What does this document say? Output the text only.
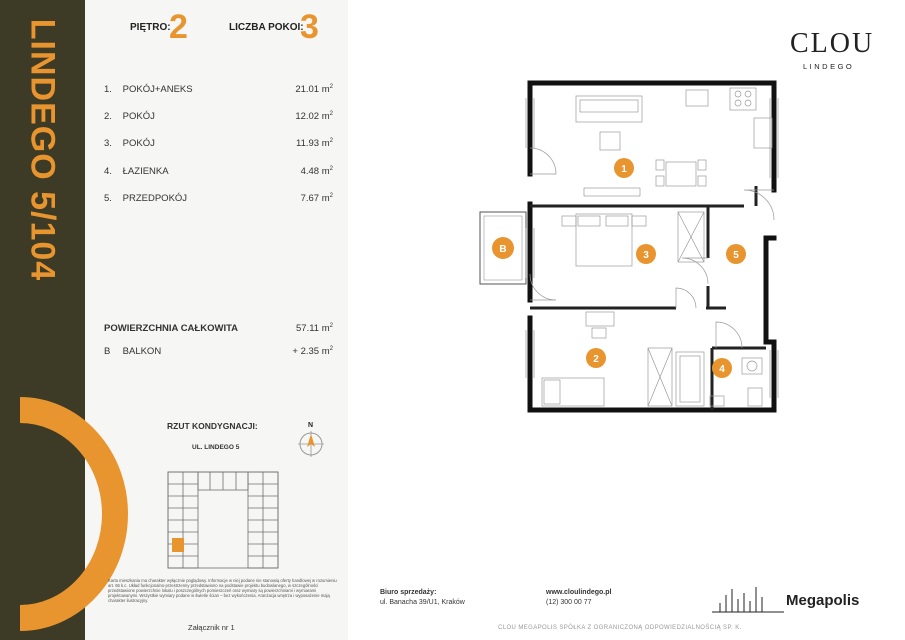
LINDEGO 5/104	PIĘTRO:
2	LICZBA POKOI:
3
1. POKÓJ+ANEKS	21.01 $m^2$
2. POKÓJ	12.02 $m^2$
3. POKÓJ	11.93 $m^2$
4. ŁAZIENKA	4.48 $m^2$
5. PRZEDPOKÓJ	7.67 $m^2$
POWIERZCHNIA CAŁKOWITA	57.11 $m^2$
B BALKON	+ 2.35 $m^2$
RZUT KONDYGNACJI:
UL. LINDEGO 5
N
Karta mieszkania ma charakter wyłącznie poglądowy. Informacje w niej podane nie stanowią oferty handlowej w rozumieniu art. 66 k.c. Układ funkcjonalno-przestrzenny przedstawiono na podstawie projektu budowlanego, w szczególności przedstawione powierzchnie lokalu i poszczególnych pomieszczeń oraz wymiary są powierzchniami i wymiarami projektowanymi. Wszystkie wymiary podane w świetle ścian – bez wykończenia. Aranżacja wnętrza i wyposażenie mają charakter ilustracyjny.
Załącznik nr 1
1
2
3
4
5
B
CLOU
LINDEGO
Biuro sprzedaży:
ul. Banacha 39/U1, Kraków
www.cloulindego.pl
(12) 300 00 77	Megapolis
CLOU MEGAPOLIS SPÓŁKA Z OGRANICZONĄ ODPOWIEDZIALNOŚCIĄ SP. K.
